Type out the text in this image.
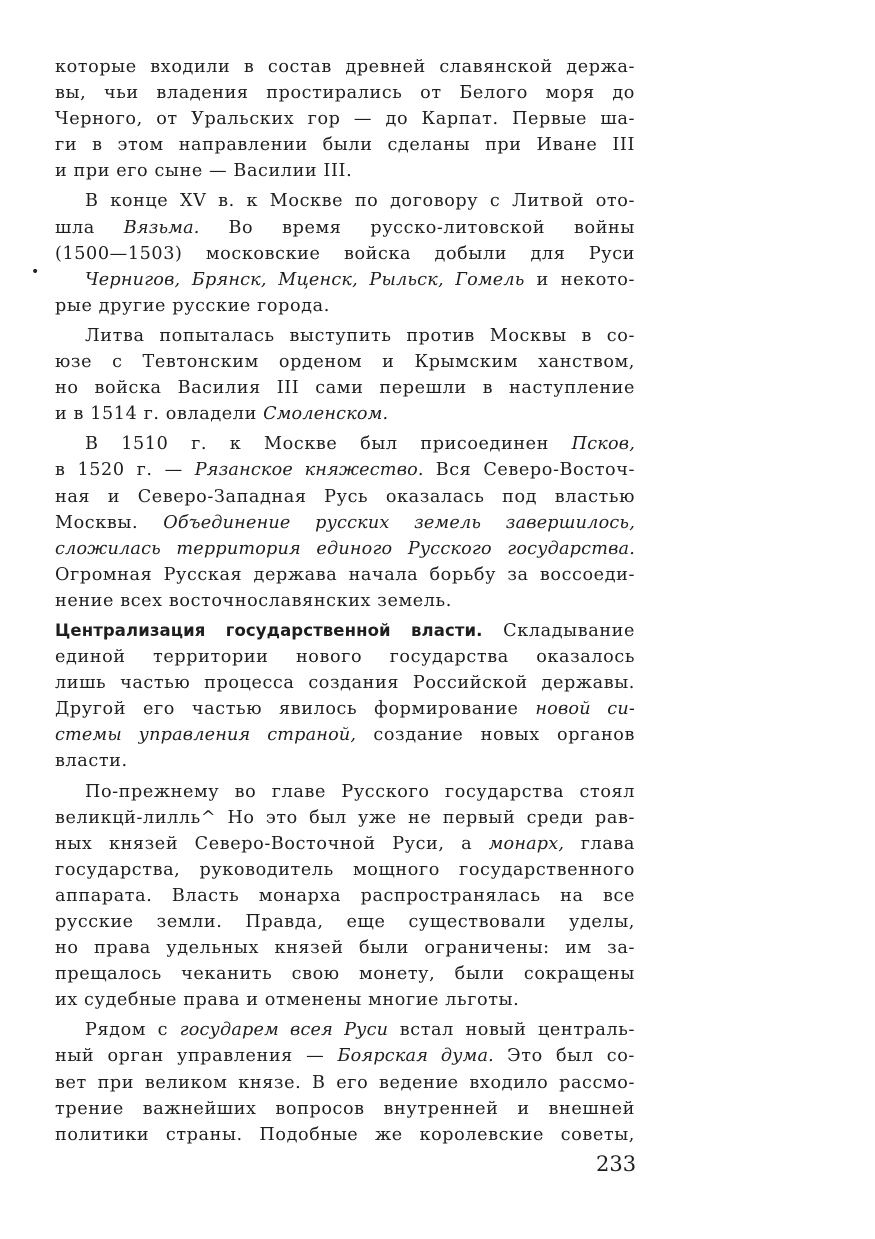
•

которые входили в состав древней славянской держа-
вы, чьи владения простирались от Белого моря до
Черного, от Уральских гор — до Карпат. Первые ша-
ги в этом направлении были сделаны при Иване III
и при его сыне — Василии III.

В конце XV в. к Москве по договору с Литвой ото-
шла Вязьма. Во время русско-литовской войны
(1500—1503) московские войска добыли для Руси
Чернигов, Брянск, Мценск, Рыльск, Гомель и некото-
рые другие русские города.

Литва попыталась выступить против Москвы в со-
юзе с Тевтонским орденом и Крымским ханством,
но войска Василия III сами перешли в наступление
и в 1514 г. овладели Смоленском.

В 1510 г. к Москве был присоединен Псков,
в 1520 г. — Рязанское княжество. Вся Северо-Восточ-
ная и Северо-Западная Русь оказалась под властью
Москвы. Объединение русских земель завершилось,
сложилась территория единого Русского государства.
Огромная Русская держава начала борьбу за воссоеди-
нение всех восточнославянских земель.

Централизация государственной власти. Складывание
единой территории нового государства оказалось
лишь частью процесса создания Российской державы.
Другой его частью явилось формирование новой си-
стемы управления страной, создание новых органов
власти.

По-прежнему во главе Русского государства стоял
великцй-лилль^ Но это был уже не первый среди рав-
ных князей Северо-Восточной Руси, а монарх, глава
государства, руководитель мощного государственного
аппарата. Власть монарха распространялась на все
русские земли. Правда, еще существовали уделы,
но права удельных князей были ограничены: им за-
прещалось чеканить свою монету, были сокращены
их судебные права и отменены многие льготы.

Рядом с государем всея Руси встал новый централь-
ный орган управления — Боярская дума. Это был со-
вет при великом князе. В его ведение входило рассмо-
трение важнейших вопросов внутренней и внешней
политики страны. Подобные же королевские советы,

233
